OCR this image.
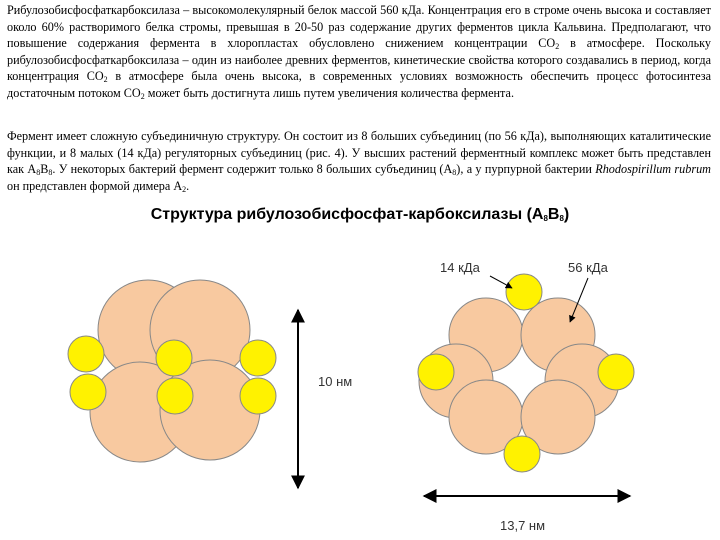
Рибулозобисфосфаткарбоксилаза – высокомолекулярный белок массой 560 кДа. Концентрация его в строме очень высока и составляет около 60% растворимого белка стромы, превышая в 20-50 раз содержание других ферментов цикла Кальвина. Предполагают, что повышение содержания фермента в хлоропластах обусловлено снижением концентрации $CO_2$ в атмосфере. Поскольку рибулозобисфосфаткарбоксилаза – один из наиболее древних ферментов, кинетические свойства которого создавались в период, когда концентрация $CO_2$ в атмосфере была очень высока, в современных условиях возможность обеспечить процесс фотосинтеза достаточным потоком $CO_2$ может быть достигнута лишь путем увеличения количества фермента.

Фермент имеет сложную субъединичную структуру. Он состоит из 8 больших субъединиц (по 56 кДа), выполняющих каталитические функции, и 8 малых (14 кДа) регуляторных субъединиц (рис. 4). У высших растений ферментный комплекс может быть представлен как $A_8B_8$. У некоторых бактерий фермент содержит только 8 больших субъединиц $(A_8)$, а у пурпурной бактерии Rhodospirillum rubrum он представлен формой димера $A_2$.

Структура рибулозобисфосфат-карбоксилазы $(A_8B_8)$
10 нм
14 кДа	56 кДа
13,7 нм
